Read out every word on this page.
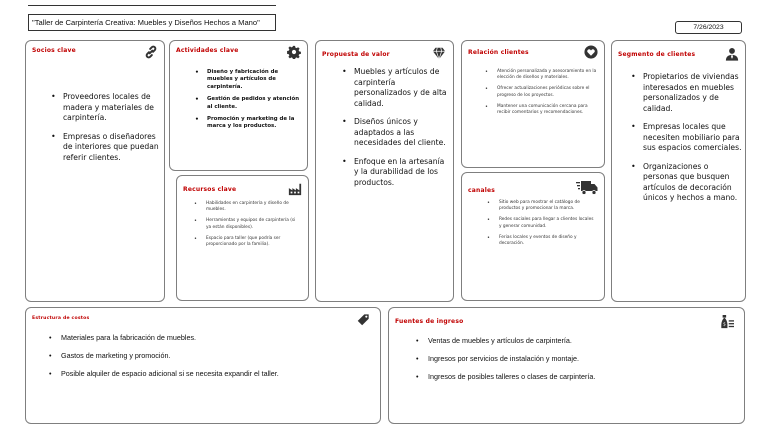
"Taller de Carpintería Creativa: Muebles y Diseños Hechos a Mano"
7/26/2023
Socios clave
• Proveedores locales de madera y materiales de carpintería.
• Empresas o diseñadores de interiores que puedan referir clientes.
Actividades clave
• Diseño y fabricación de muebles y artículos de carpintería.
• Gestión de pedidos y atención al cliente.
• Promoción y marketing de la marca y los productos.
Recursos clave
• Habilidades en carpintería y diseño de muebles.
• Herramientas y equipos de carpintería (si ya están disponibles).
• Espacio para taller (que podría ser proporcionado por la familia).
Propuesta de valor
• Muebles y artículos de carpintería personalizados y de alta calidad.
• Diseños únicos y adaptados a las necesidades del cliente.
• Enfoque en la artesanía y la durabilidad de los productos.
Relación clientes
• Atención personalizada y asesoramiento en la elección de diseños y materiales.
• Ofrecer actualizaciones periódicas sobre el progreso de los proyectos.
• Mantener una comunicación cercana para recibir comentarios y recomendaciones.
canales
• Sitio web para mostrar el catálogo de productos y promocionar la marca.
• Redes sociales para llegar a clientes locales y generar comunidad.
• Ferias locales y eventos de diseño y decoración.
Segmento de clientes
• Propietarios de viviendas interesados en muebles personalizados y de calidad.
• Empresas locales que necesiten mobiliario para sus espacios comerciales.
• Organizaciones o personas que busquen artículos de decoración únicos y hechos a mano.
Estructura de costos
• Materiales para la fabricación de muebles.
• Gastos de marketing y promoción.
• Posible alquiler de espacio adicional si se necesita expandir el taller.
Fuentes de ingreso	$
• Ventas de muebles y artículos de carpintería.
• Ingresos por servicios de instalación y montaje.
• Ingresos de posibles talleres o clases de carpintería.
